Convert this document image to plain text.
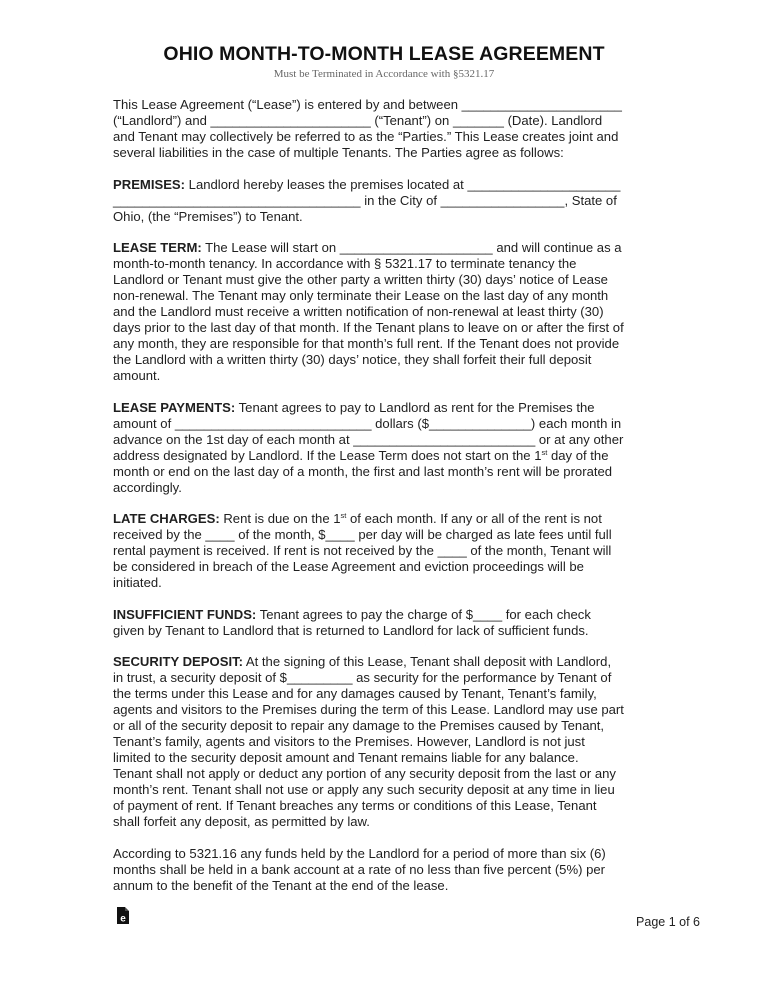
OHIO MONTH-TO-MONTH LEASE AGREEMENT
Must be Terminated in Accordance with §5321.17

This Lease Agreement (“Lease”) is entered by and between ______________________
(“Landlord”) and ______________________ (“Tenant”) on _______ (Date). Landlord
and Tenant may collectively be referred to as the “Parties.” This Lease creates joint and
several liabilities in the case of multiple Tenants. The Parties agree as follows:

PREMISES: Landlord hereby leases the premises located at _____________________
__________________________________ in the City of _________________, State of
Ohio, (the “Premises”) to Tenant.

LEASE TERM: The Lease will start on _____________________ and will continue as a
month-to-month tenancy. In accordance with § 5321.17 to terminate tenancy the
Landlord or Tenant must give the other party a written thirty (30) days’ notice of Lease
non-renewal. The Tenant may only terminate their Lease on the last day of any month
and the Landlord must receive a written notification of non-renewal at least thirty (30)
days prior to the last day of that month. If the Tenant plans to leave on or after the first of
any month, they are responsible for that month’s full rent. If the Tenant does not provide
the Landlord with a written thirty (30) days’ notice, they shall forfeit their full deposit
amount.

LEASE PAYMENTS: Tenant agrees to pay to Landlord as rent for the Premises the
amount of ___________________________ dollars ($______________) each month in
advance on the 1st day of each month at _________________________ or at any other
address designated by Landlord. If the Lease Term does not start on the 1st day of the
month or end on the last day of a month, the first and last month’s rent will be prorated
accordingly.

LATE CHARGES: Rent is due on the 1st of each month. If any or all of the rent is not
received by the ____ of the month, $____ per day will be charged as late fees until full
rental payment is received. If rent is not received by the ____ of the month, Tenant will
be considered in breach of the Lease Agreement and eviction proceedings will be
initiated.

INSUFFICIENT FUNDS: Tenant agrees to pay the charge of $____ for each check
given by Tenant to Landlord that is returned to Landlord for lack of sufficient funds.

SECURITY DEPOSIT: At the signing of this Lease, Tenant shall deposit with Landlord,
in trust, a security deposit of $_________ as security for the performance by Tenant of
the terms under this Lease and for any damages caused by Tenant, Tenant’s family,
agents and visitors to the Premises during the term of this Lease. Landlord may use part
or all of the security deposit to repair any damage to the Premises caused by Tenant,
Tenant’s family, agents and visitors to the Premises. However, Landlord is not just
limited to the security deposit amount and Tenant remains liable for any balance.
Tenant shall not apply or deduct any portion of any security deposit from the last or any
month’s rent. Tenant shall not use or apply any such security deposit at any time in lieu
of payment of rent. If Tenant breaches any terms or conditions of this Lease, Tenant
shall forfeit any deposit, as permitted by law.

According to 5321.16 any funds held by the Landlord for a period of more than six (6)
months shall be held in a bank account at a rate of no less than five percent (5%) per
annum to the benefit of the Tenant at the end of the lease.

e	Page 1 of 6
